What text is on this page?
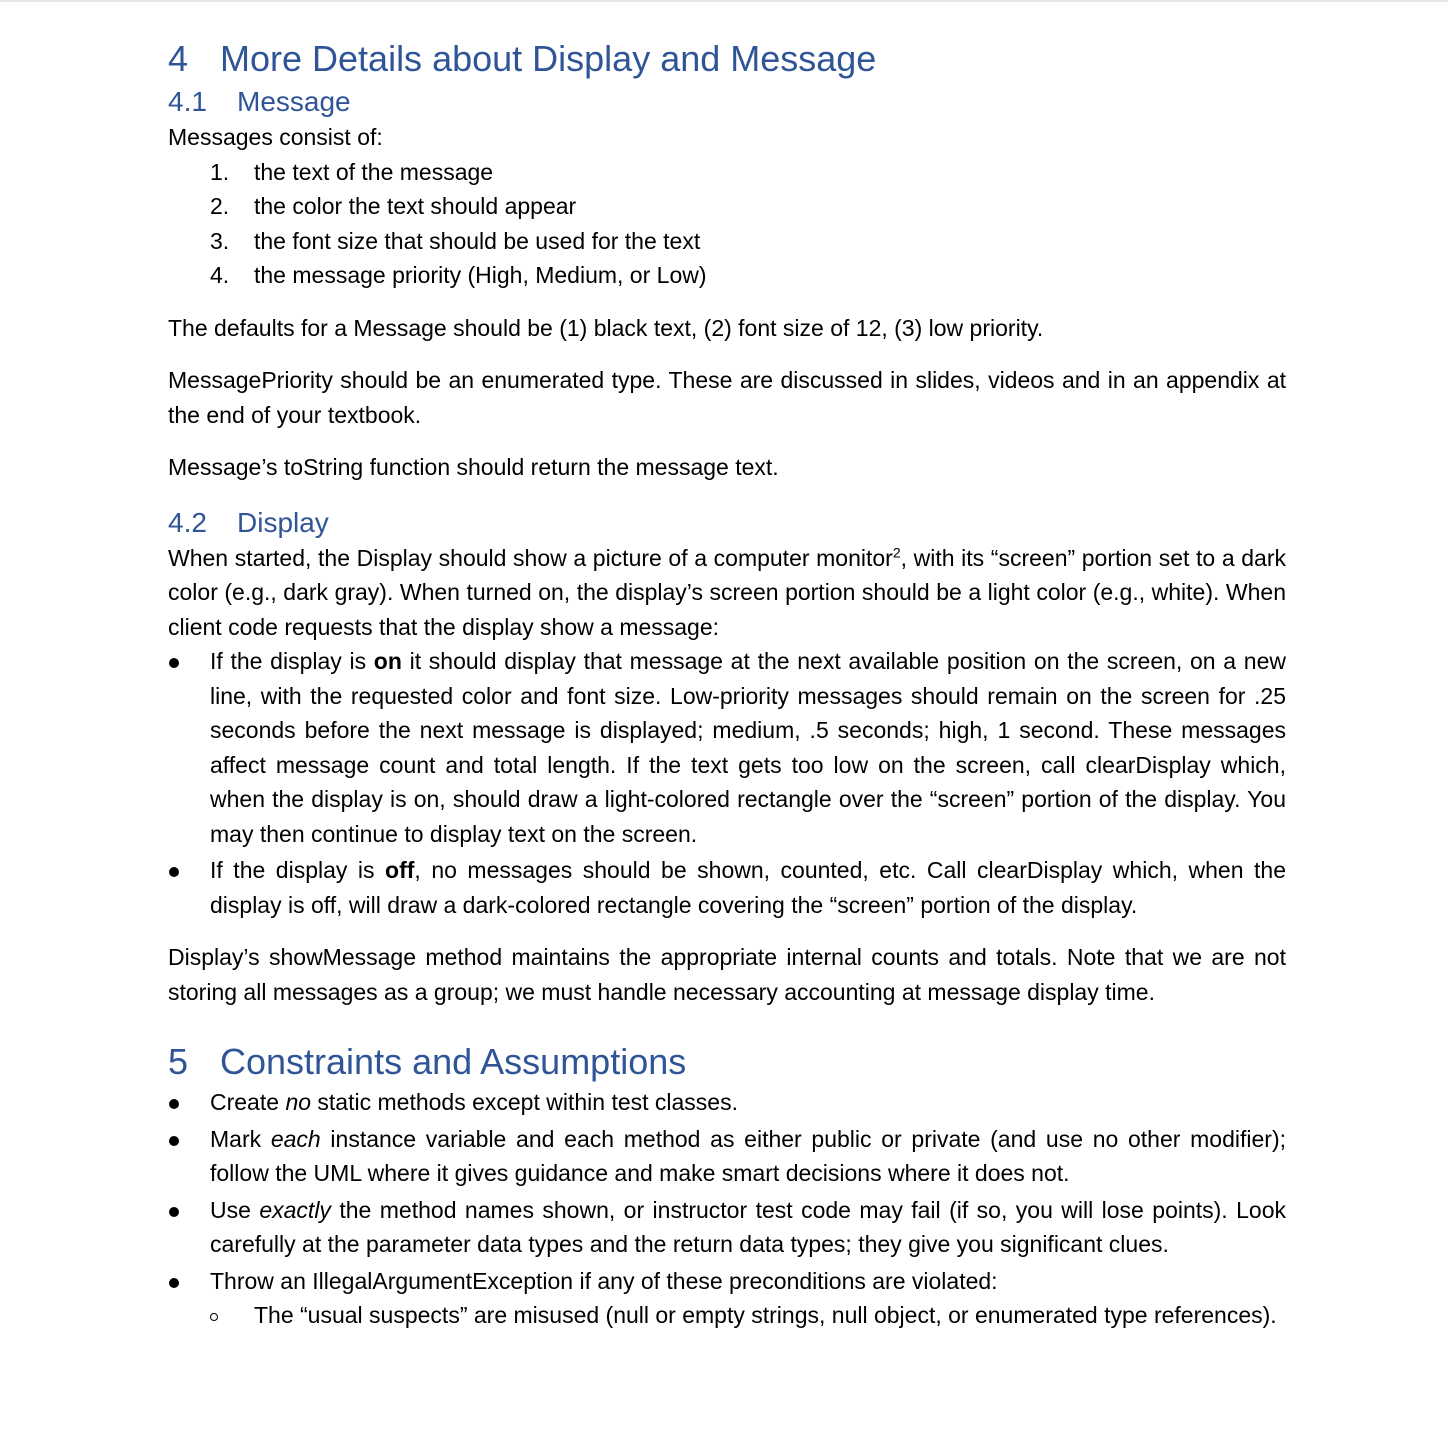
4 More Details about Display and Message
4.1 Message

Messages consist of:

1. the text of the message
2. the color the text should appear
3. the font size that should be used for the text
4. the message priority (High, Medium, or Low)

The defaults for a Message should be (1) black text, (2) font size of 12, (3) low priority.

MessagePriority should be an enumerated type. These are discussed in slides, videos and in an appendix at the end of your textbook.

Message’s toString function should return the message text.

4.2 Display

When started, the Display should show a picture of a computer monitor$^2$, with its “screen” portion set to a dark color (e.g., dark gray). When turned on, the display’s screen portion should be a light color (e.g., white). When client code requests that the display show a message:

If the display is on it should display that message at the next available position on the screen, on a new line, with the requested color and font size. Low-priority messages should remain on the screen for .25 seconds before the next message is displayed; medium, .5 seconds; high, 1 second. These messages affect message count and total length. If the text gets too low on the screen, call clearDisplay which, when the display is on, should draw a light-colored rectangle over the “screen” portion of the display. You may then continue to display text on the screen.
If the display is off, no messages should be shown, counted, etc. Call clearDisplay which, when the display is off, will draw a dark-colored rectangle covering the “screen” portion of the display.

Display’s showMessage method maintains the appropriate internal counts and totals. Note that we are not storing all messages as a group; we must handle necessary accounting at message display time.

5 Constraints and Assumptions
Create no static methods except within test classes.
Mark each instance variable and each method as either public or private (and use no other modifier); follow the UML where it gives guidance and make smart decisions where it does not.
Use exactly the method names shown, or instructor test code may fail (if so, you will lose points). Look carefully at the parameter data types and the return data types; they give you significant clues.
Throw an IllegalArgumentException if any of these preconditions are violated:
The “usual suspects” are misused (null or empty strings, null object, or enumerated type references).
